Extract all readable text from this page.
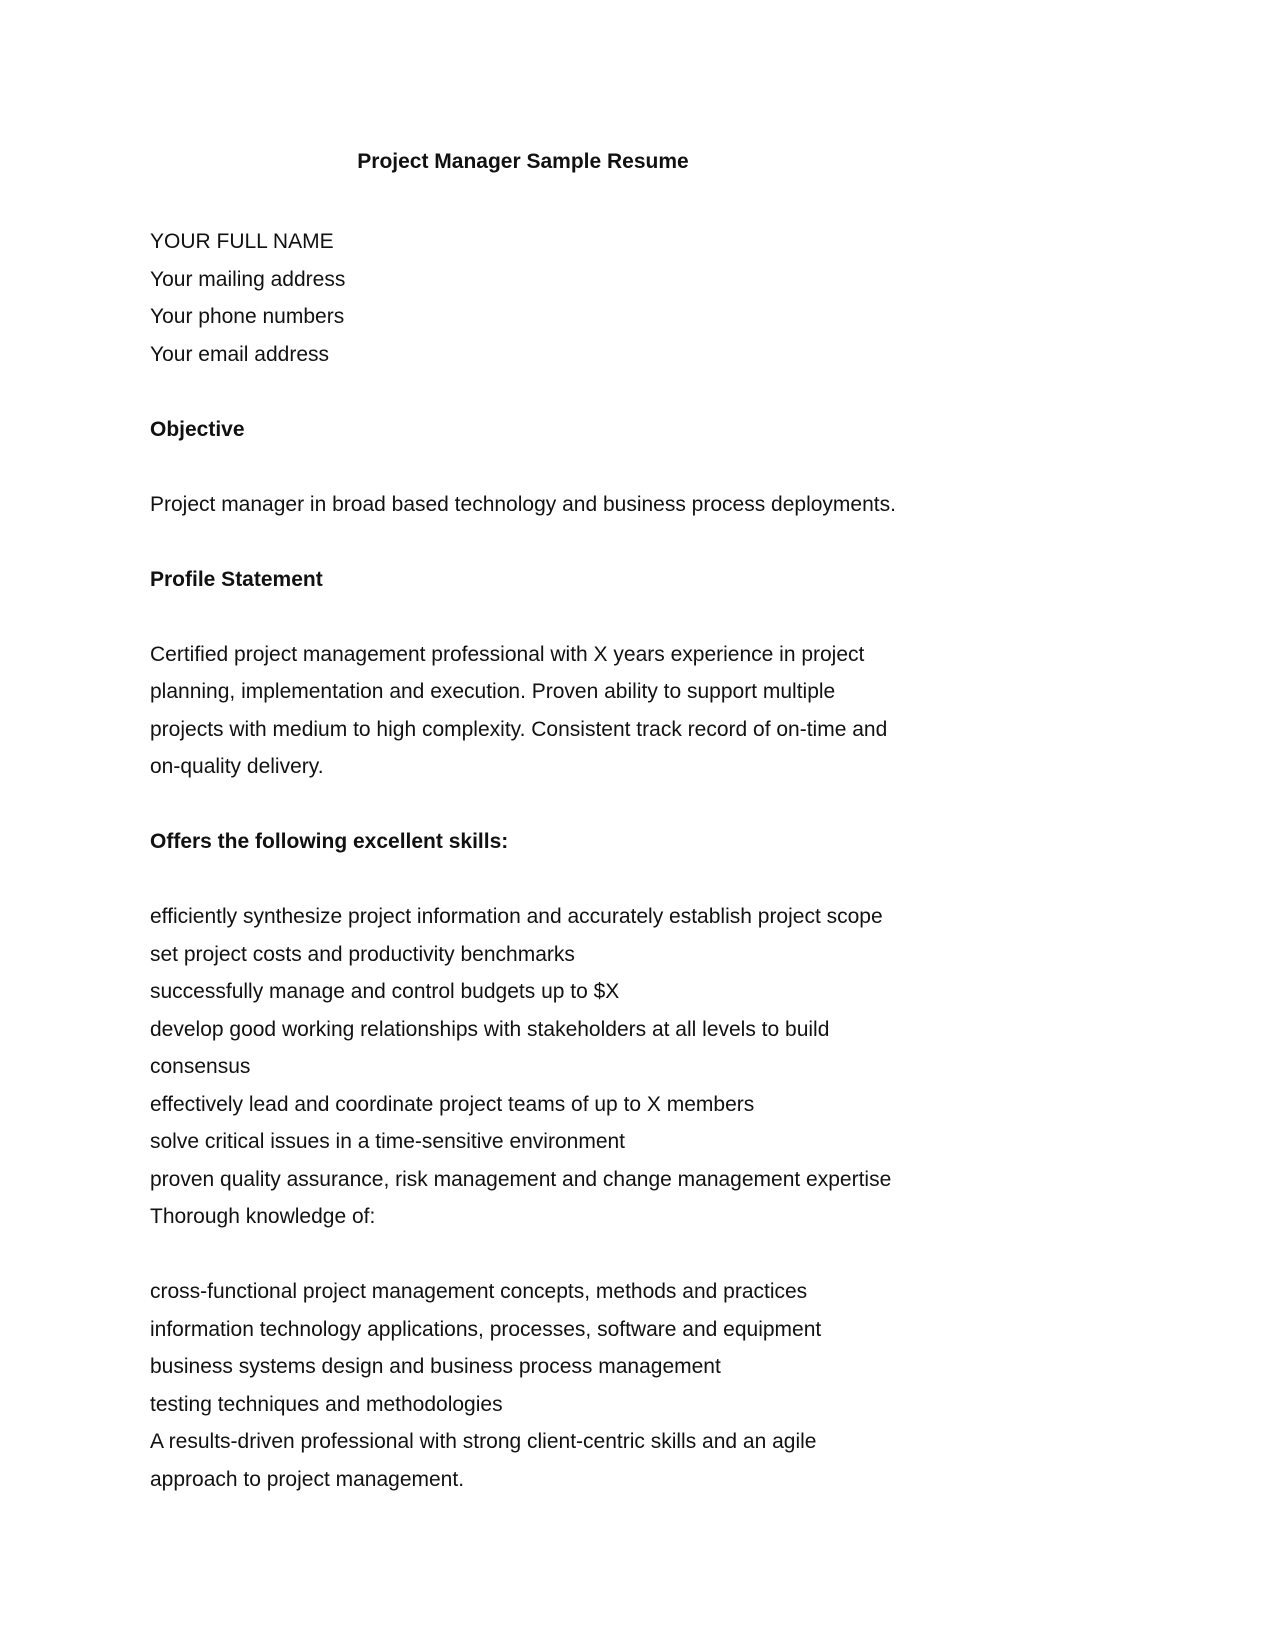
Project Manager Sample Resume
YOUR FULL NAME
Your mailing address
Your phone numbers
Your email address
Objective
Project manager in broad based technology and business process deployments.
Profile Statement
Certified project management professional with X years experience in project
planning, implementation and execution. Proven ability to support multiple
projects with medium to high complexity. Consistent track record of on-time and
on-quality delivery.
Offers the following excellent skills:
efficiently synthesize project information and accurately establish project scope
set project costs and productivity benchmarks
successfully manage and control budgets up to $X
develop good working relationships with stakeholders at all levels to build
consensus
effectively lead and coordinate project teams of up to X members
solve critical issues in a time-sensitive environment
proven quality assurance, risk management and change management expertise
Thorough knowledge of:
cross-functional project management concepts, methods and practices
information technology applications, processes, software and equipment
business systems design and business process management
testing techniques and methodologies
A results-driven professional with strong client-centric skills and an agile
approach to project management.
